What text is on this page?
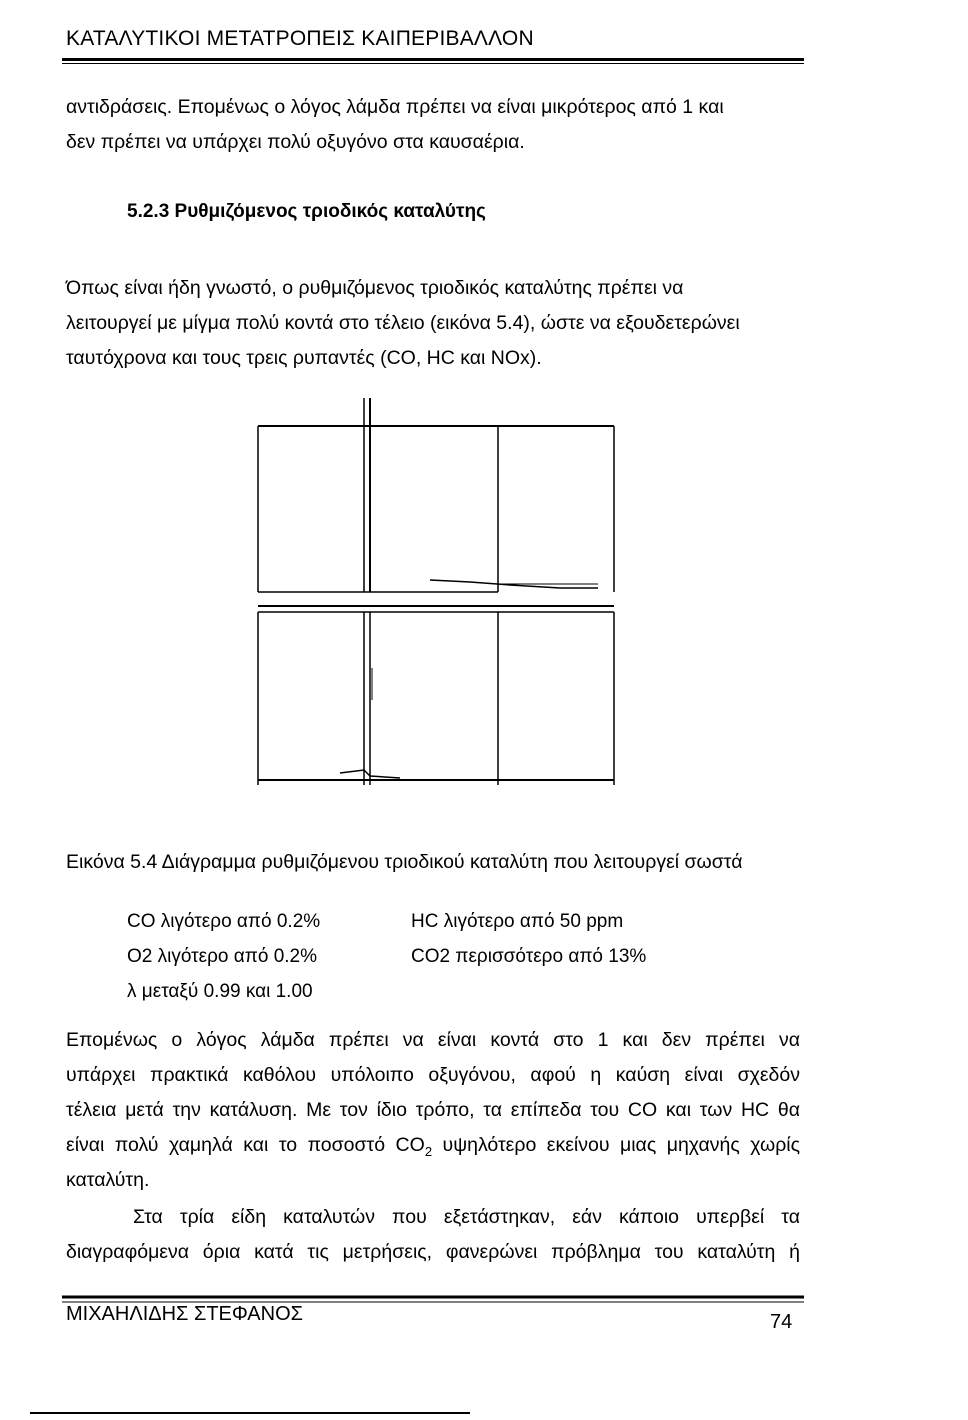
ΚΑΤΑΛΥΤΙΚΟΙ ΜΕΤΑΤΡΟΠΕΙΣ ΚΑΙΠΕΡΙΒΑΛΛΟΝ
αντιδράσεις. Επομένως ο λόγος λάμδα πρέπει να είναι μικρότερος από 1 και
δεν πρέπει να υπάρχει πολύ οξυγόνο στα καυσαέρια.
5.2.3 Ρυθμιζόμενος τριοδικός καταλύτης
Όπως είναι ήδη γνωστό, ο ρυθμιζόμενος τριοδικός καταλύτης πρέπει να
λειτουργεί με μίγμα πολύ κοντά στο τέλειο (εικόνα 5.4), ώστε να εξουδετερώνει
ταυτόχρονα και τους τρεις ρυπαντές (CO, HC και NOx).
Εικόνα 5.4 Διάγραμμα ρυθμιζόμενου τριοδικού καταλύτη που λειτουργεί σωστά
CO λιγότερο από 0.2%	HC λιγότερο από 50 ppm
O2 λιγότερο από 0.2%	CO2 περισσότερο από 13%
λ μεταξύ 0.99 και 1.00
Επομένως ο λόγος λάμδα πρέπει να είναι κοντά στο 1 και δεν πρέπει να
υπάρχει πρακτικά καθόλου υπόλοιπο οξυγόνου, αφού η καύση είναι σχεδόν
τέλεια μετά την κατάλυση. Με τον ίδιο τρόπο, τα επίπεδα του CO και των HC θα
είναι πολύ χαμηλά και το ποσοστό $CO_2$ υψηλότερο εκείνου μιας μηχανής χωρίς
καταλύτη.
Στα τρία είδη καταλυτών που εξετάστηκαν, εάν κάποιο υπερβεί τα
διαγραφόμενα όρια κατά τις μετρήσεις, φανερώνει πρόβλημα του καταλύτη ή
ΜΙΧΑΗΛΙΔΗΣ ΣΤΕΦΑΝΟΣ	74
